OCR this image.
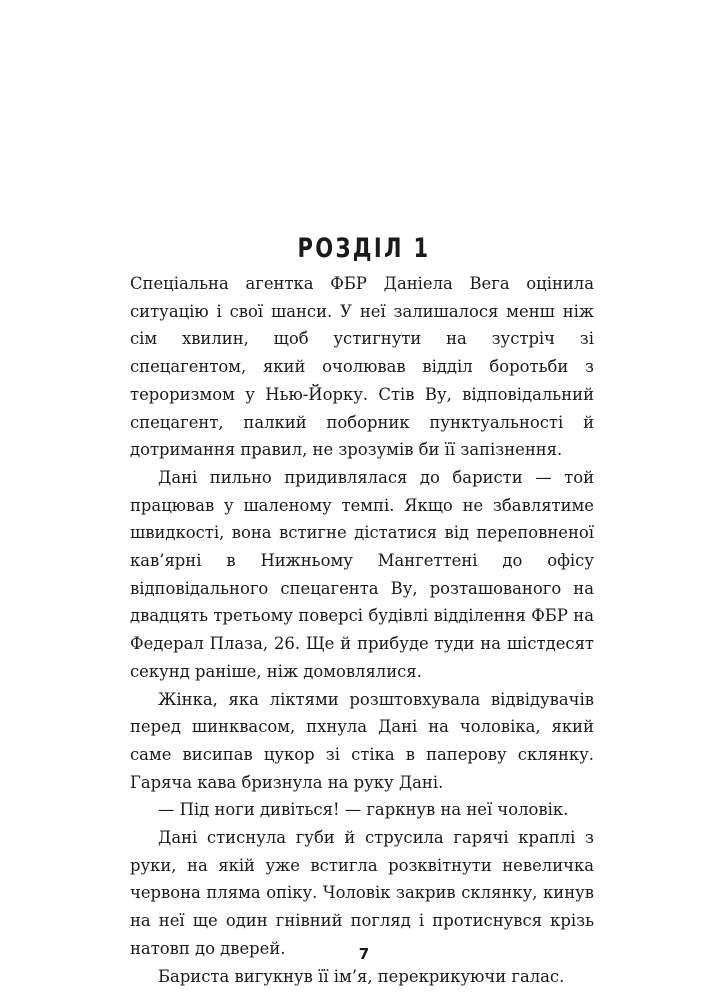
РОЗДІЛ 1

Спеціальна агентка ФБР Даніела Вега оцінила ситуацію і свої шанси. У неї залишалося менш ніж сім хвилин, щоб устигнути на зустріч зі спецагентом, який очолював відділ боротьби з тероризмом у Нью-Йорку. Стів Ву, відповідальний спецагент, палкий поборник пунктуальності й дотримання правил, не зрозумів би її запізнення.

Дані пильно придивлялася до баристи — той працював у шаленому темпі. Якщо не збавлятиме швидкості, вона встигне дістатися від переповненої кав’ярні в Нижньому Мангеттені до офісу відповідального спецагента Ву, розташованого на двадцять третьому поверсі будівлі відділення ФБР на Федерал Плаза, 26. Ще й прибуде туди на шістдесят секунд раніше, ніж домовлялися.

Жінка, яка ліктями розштовхувала відвідувачів перед шинквасом, пхнула Дані на чоловіка, який саме висипав цукор зі стіка в паперову склянку. Гаряча кава бризнула на руку Дані.

— Під ноги дивіться! — гаркнув на неї чоловік.

Дані стиснула губи й струсила гарячі краплі з руки, на якій уже встигла розквітнути невеличка червона пляма опіку. Чоловік закрив склянку, кинув на неї ще один гнівний погляд і протиснувся крізь натовп до дверей.

Бариста вигукнув її ім’я, перекрикуючи галас.

7
